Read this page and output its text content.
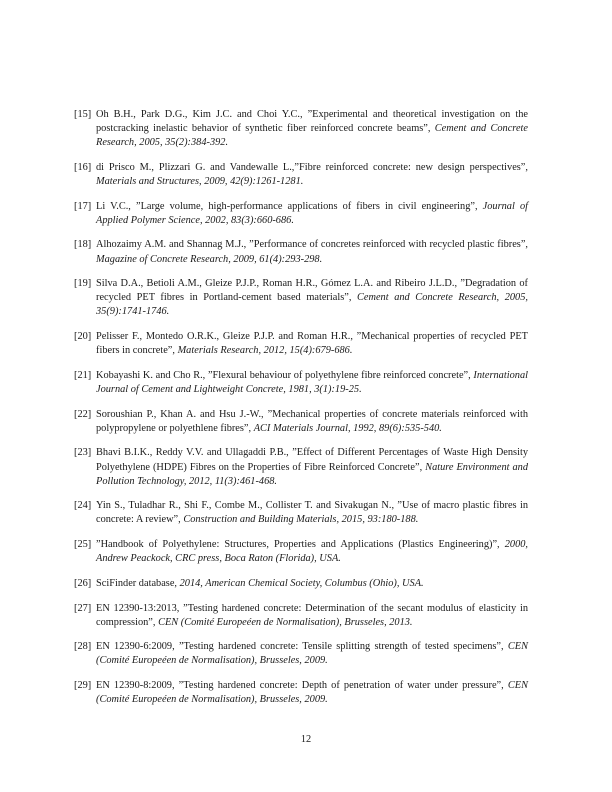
[15] Oh B.H., Park D.G., Kim J.C. and Choi Y.C., ”Experimental and theoretical investigation on the postcracking inelastic behavior of synthetic fiber reinforced concrete beams”, Cement and Concrete Research, 2005, 35(2):384-392.
[16] di Prisco M., Plizzari G. and Vandewalle L.,”Fibre reinforced concrete: new design perspectives”, Materials and Structures, 2009, 42(9):1261-1281.
[17] Li V.C., ”Large volume, high-performance applications of fibers in civil engineering”, Journal of Applied Polymer Science, 2002, 83(3):660-686.
[18] Alhozaimy A.M. and Shannag M.J., ”Performance of concretes reinforced with recycled plastic fibres”, Magazine of Concrete Research, 2009, 61(4):293-298.
[19] Silva D.A., Betioli A.M., Gleize P.J.P., Roman H.R., Gómez L.A. and Ribeiro J.L.D., ”Degradation of recycled PET fibres in Portland-cement based materials”, Cement and Concrete Research, 2005, 35(9):1741-1746.
[20] Pelisser F., Montedo O.R.K., Gleize P.J.P. and Roman H.R., ”Mechanical properties of recycled PET fibers in concrete”, Materials Research, 2012, 15(4):679-686.
[21] Kobayashi K. and Cho R., ”Flexural behaviour of polyethylene fibre reinforced concrete”, International Journal of Cement and Lightweight Concrete, 1981, 3(1):19-25.
[22] Soroushian P., Khan A. and Hsu J.-W., ”Mechanical properties of concrete materials reinforced with polypropylene or polyethlene fibres”, ACI Materials Journal, 1992, 89(6):535-540.
[23] Bhavi B.I.K., Reddy V.V. and Ullagaddi P.B., ”Effect of Different Percentages of Waste High Density Polyethylene (HDPE) Fibres on the Properties of Fibre Reinforced Concrete”, Nature Environment and Pollution Technology, 2012, 11(3):461-468.
[24] Yin S., Tuladhar R., Shi F., Combe M., Collister T. and Sivakugan N., ”Use of macro plastic fibres in concrete: A review”, Construction and Building Materials, 2015, 93:180-188.
[25] ”Handbook of Polyethylene: Structures, Properties and Applications (Plastics Engineering)”, 2000, Andrew Peackock, CRC press, Boca Raton (Florida), USA.
[26] SciFinder database, 2014, American Chemical Society, Columbus (Ohio), USA.
[27] EN 12390-13:2013, ”Testing hardened concrete: Determination of the secant modulus of elasticity in compression”, CEN (Comité Europeéen de Normalisation), Brusseles, 2013.
[28] EN 12390-6:2009, ”Testing hardened concrete: Tensile splitting strength of tested specimens”, CEN (Comité Europeéen de Normalisation), Brusseles, 2009.
[29] EN 12390-8:2009, ”Testing hardened concrete: Depth of penetration of water under pressure”, CEN (Comité Europeéen de Normalisation), Brusseles, 2009.
12
